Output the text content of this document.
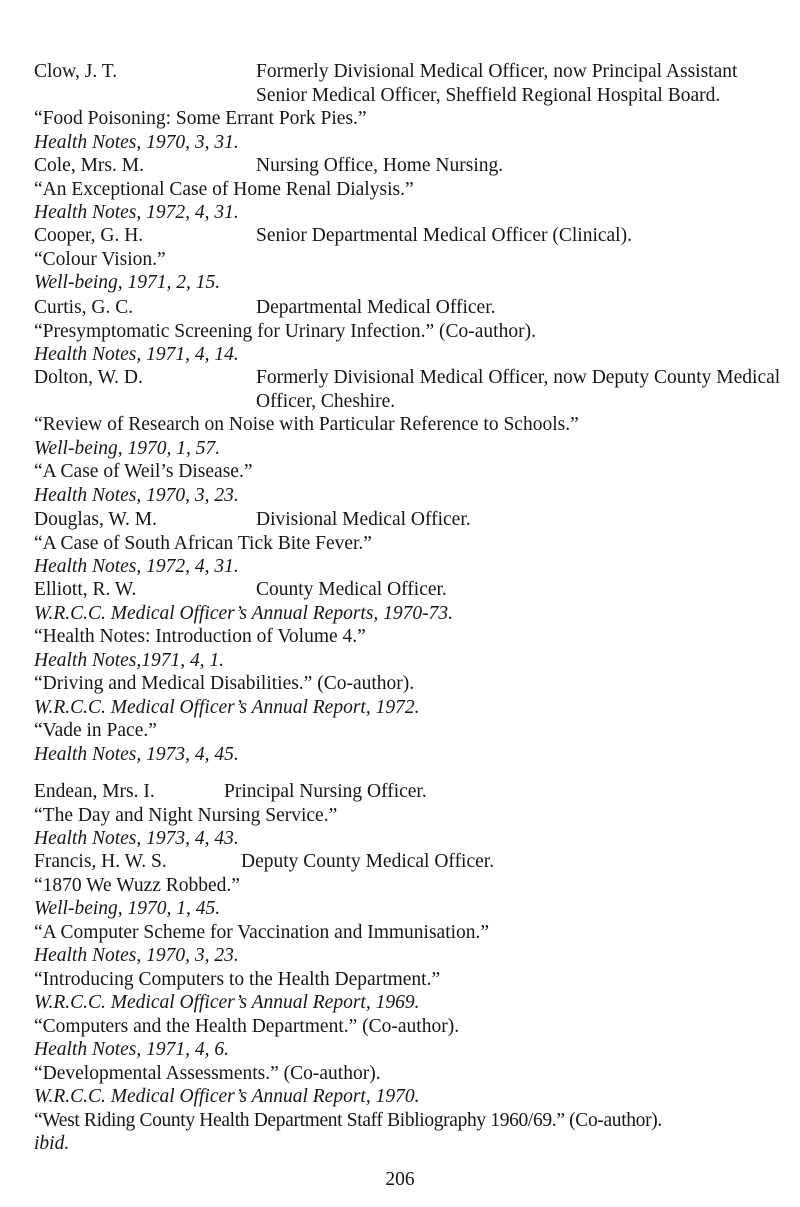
Clow, J. T.	Formerly Divisional Medical Officer, now Principal Assistant
Senior Medical Officer, Sheffield Regional Hospital Board.
“Food Poisoning: Some Errant Pork Pies.”
Health Notes, 1970, 3, 31.
Cole, Mrs. M.	Nursing Office, Home Nursing.
“An Exceptional Case of Home Renal Dialysis.”
Health Notes, 1972, 4, 31.
Cooper, G. H.	Senior Departmental Medical Officer (Clinical).
“Colour Vision.”
Well-being, 1971, 2, 15.
Curtis, G. C.	Departmental Medical Officer.
“Presymptomatic Screening for Urinary Infection.” (Co-author).
Health Notes, 1971, 4, 14.
Dolton, W. D.	Formerly Divisional Medical Officer, now Deputy County Medical
Officer, Cheshire.
“Review of Research on Noise with Particular Reference to Schools.”
Well-being, 1970, 1, 57.
“A Case of Weil’s Disease.”
Health Notes, 1970, 3, 23.
Douglas, W. M.	Divisional Medical Officer.
“A Case of South African Tick Bite Fever.”
Health Notes, 1972, 4, 31.
Elliott, R. W.	County Medical Officer.
W.R.C.C. Medical Officer’s Annual Reports, 1970-73.
“Health Notes: Introduction of Volume 4.”
Health Notes,1971, 4, 1.
“Driving and Medical Disabilities.” (Co-author).
W.R.C.C. Medical Officer’s Annual Report, 1972.
“Vade in Pace.”
Health Notes, 1973, 4, 45.
Endean, Mrs. I.	Principal Nursing Officer.
“The Day and Night Nursing Service.”
Health Notes, 1973, 4, 43.
Francis, H. W. S.	Deputy County Medical Officer.
“1870 We Wuzz Robbed.”
Well-being, 1970, 1, 45.
“A Computer Scheme for Vaccination and Immunisation.”
Health Notes, 1970, 3, 23.
“Introducing Computers to the Health Department.”
W.R.C.C. Medical Officer’s Annual Report, 1969.
“Computers and the Health Department.” (Co-author).
Health Notes, 1971, 4, 6.
“Developmental Assessments.” (Co-author).
W.R.C.C. Medical Officer’s Annual Report, 1970.
“West Riding County Health Department Staff Bibliography 1960/69.” (Co-author).
ibid.
206
